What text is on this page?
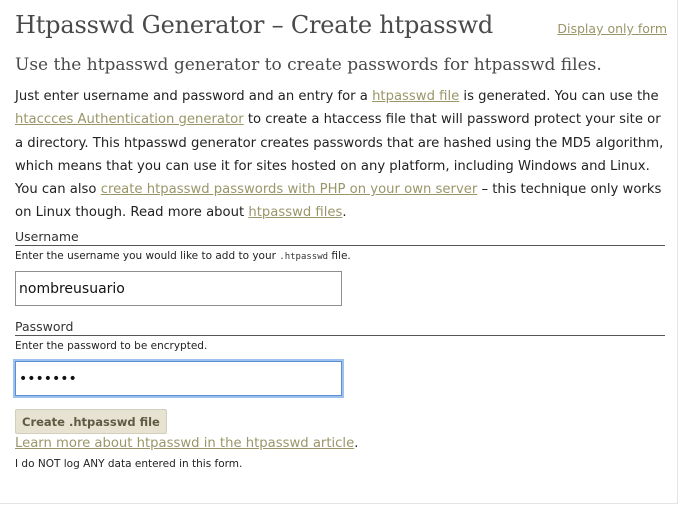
Htpasswd Generator – Create htpasswd	Display only form
Use the htpasswd generator to create passwords for htpasswd files.

Just enter username and password and an entry for a htpasswd file is generated. You can use the htaccces Authentication generator to create a htaccess file that will password protect your site or a directory. This htpasswd generator creates passwords that are hashed using the MD5 algorithm, which means that you can use it for sites hosted on any platform, including Windows and Linux. You can also create htpasswd passwords with PHP on your own server – this technique only works on Linux though. Read more about htpasswd files.

Username
Enter the username you would like to add to your .htpasswd file.
nombreusuario
Password
Enter the password to be encrypted.
Create .htpasswd file
Learn more about htpasswd in the htpasswd article.
I do NOT log ANY data entered in this form.
